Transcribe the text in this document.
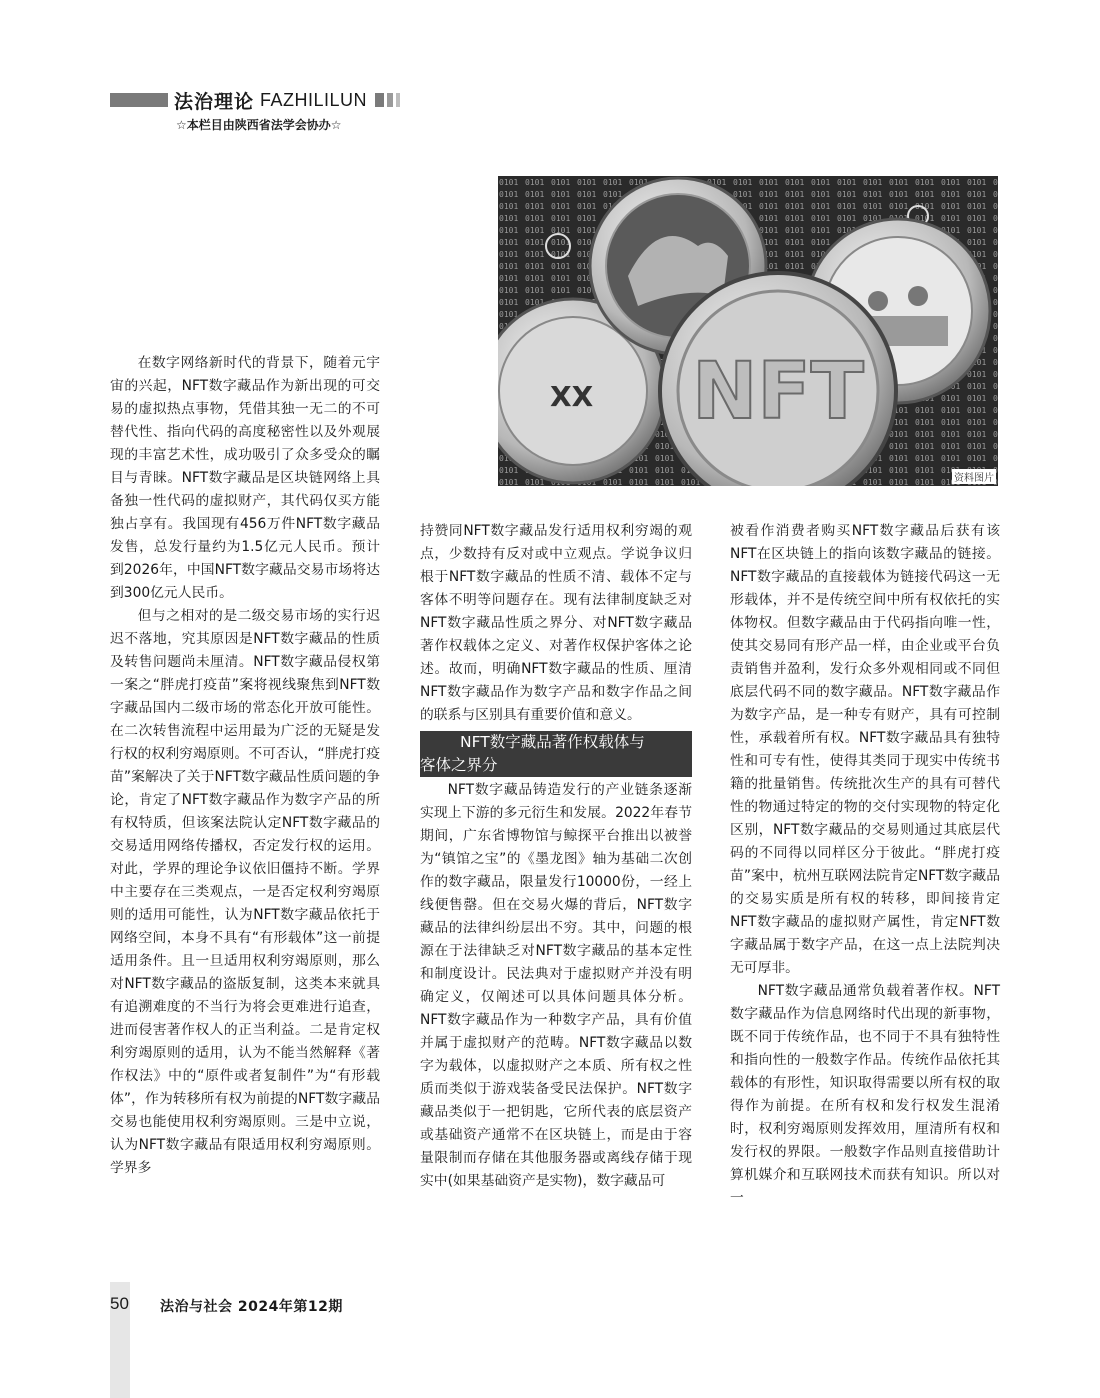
法治理论 FAZHILILUN
☆本栏目由陕西省法学会协办☆
XX NFT
资料图片

在数字网络新时代的背景下，随着元宇宙的兴起，NFT数字藏品作为新出现的可交易的虚拟热点事物，凭借其独一无二的不可替代性、指向代码的高度秘密性以及外观展现的丰富艺术性，成功吸引了众多受众的瞩目与青睐。NFT数字藏品是区块链网络上具备独一性代码的虚拟财产，其代码仅买方能独占享有。我国现有456万件NFT数字藏品发售，总发行量约为1.5亿元人民币。预计到2026年，中国NFT数字藏品交易市场将达到300亿元人民币。

但与之相对的是二级交易市场的实行迟迟不落地，究其原因是NFT数字藏品的性质及转售问题尚未厘清。NFT数字藏品侵权第一案之“胖虎打疫苗”案将视线聚焦到NFT数字藏品国内二级市场的常态化开放可能性。在二次转售流程中运用最为广泛的无疑是发行权的权利穷竭原则。不可否认，“胖虎打疫苗”案解决了关于NFT数字藏品性质问题的争论，肯定了NFT数字藏品作为数字产品的所有权特质，但该案法院认定NFT数字藏品的交易适用网络传播权，否定发行权的运用。对此，学界的理论争议依旧僵持不断。学界中主要存在三类观点，一是否定权利穷竭原则的适用可能性，认为NFT数字藏品依托于网络空间，本身不具有“有形载体”这一前提适用条件。且一旦适用权利穷竭原则，那么对NFT数字藏品的盗版复制，这类本来就具有追溯难度的不当行为将会更难进行追查，进而侵害著作权人的正当利益。二是肯定权利穷竭原则的适用，认为不能当然解释《著作权法》中的“原件或者复制件”为“有形载体”，作为转移所有权为前提的NFT数字藏品交易也能使用权利穷竭原则。三是中立说，认为NFT数字藏品有限适用权利穷竭原则。学界多

持赞同NFT数字藏品发行适用权利穷竭的观点，少数持有反对或中立观点。学说争议归根于NFT数字藏品的性质不清、载体不定与客体不明等问题存在。现有法律制度缺乏对NFT数字藏品性质之界分、对NFT数字藏品著作权载体之定义、对著作权保护客体之论述。故而，明确NFT数字藏品的性质、厘清NFT数字藏品作为数字产品和数字作品之间的联系与区别具有重要价值和意义。

NFT数字藏品著作权载体与
客体之界分

NFT数字藏品铸造发行的产业链条逐渐实现上下游的多元衍生和发展。2022年春节期间，广东省博物馆与鲸探平台推出以被誉为“镇馆之宝”的《墨龙图》轴为基础二次创作的数字藏品，限量发行10000份，一经上线便售罄。但在交易火爆的背后，NFT数字藏品的法律纠纷层出不穷。其中，问题的根源在于法律缺乏对NFT数字藏品的基本定性和制度设计。民法典对于虚拟财产并没有明确定义，仅阐述可以具体问题具体分析。NFT数字藏品作为一种数字产品，具有价值并属于虚拟财产的范畴。NFT数字藏品以数字为载体，以虚拟财产之本质、所有权之性质而类似于游戏装备受民法保护。NFT数字藏品类似于一把钥匙，它所代表的底层资产或基础资产通常不在区块链上，而是由于容量限制而存储在其他服务器或离线存储于现实中(如果基础资产是实物)，数字藏品可

被看作消费者购买NFT数字藏品后获有该NFT在区块链上的指向该数字藏品的链接。NFT数字藏品的直接载体为链接代码这一无形载体，并不是传统空间中所有权依托的实体物权。但数字藏品由于代码指向唯一性，使其交易同有形产品一样，由企业或平台负责销售并盈利，发行众多外观相同或不同但底层代码不同的数字藏品。NFT数字藏品作为数字产品，是一种专有财产，具有可控制性，承载着所有权。NFT数字藏品具有独特性和可专有性，使得其类同于现实中传统书籍的批量销售。传统批次生产的具有可替代性的物通过特定的物的交付实现物的特定化区别，NFT数字藏品的交易则通过其底层代码的不同得以同样区分于彼此。“胖虎打疫苗”案中，杭州互联网法院肯定NFT数字藏品的交易实质是所有权的转移，即间接肯定NFT数字藏品的虚拟财产属性，肯定NFT数字藏品属于数字产品，在这一点上法院判决无可厚非。

NFT数字藏品通常负载着著作权。NFT数字藏品作为信息网络时代出现的新事物，既不同于传统作品，也不同于不具有独特性和指向性的一般数字作品。传统作品依托其载体的有形性，知识取得需要以所有权的取得作为前提。在所有权和发行权发生混淆时，权利穷竭原则发挥效用，厘清所有权和发行权的界限。一般数字作品则直接借助计算机媒介和互联网技术而获有知识。所以对一

50 法治与社会 2024年第12期
